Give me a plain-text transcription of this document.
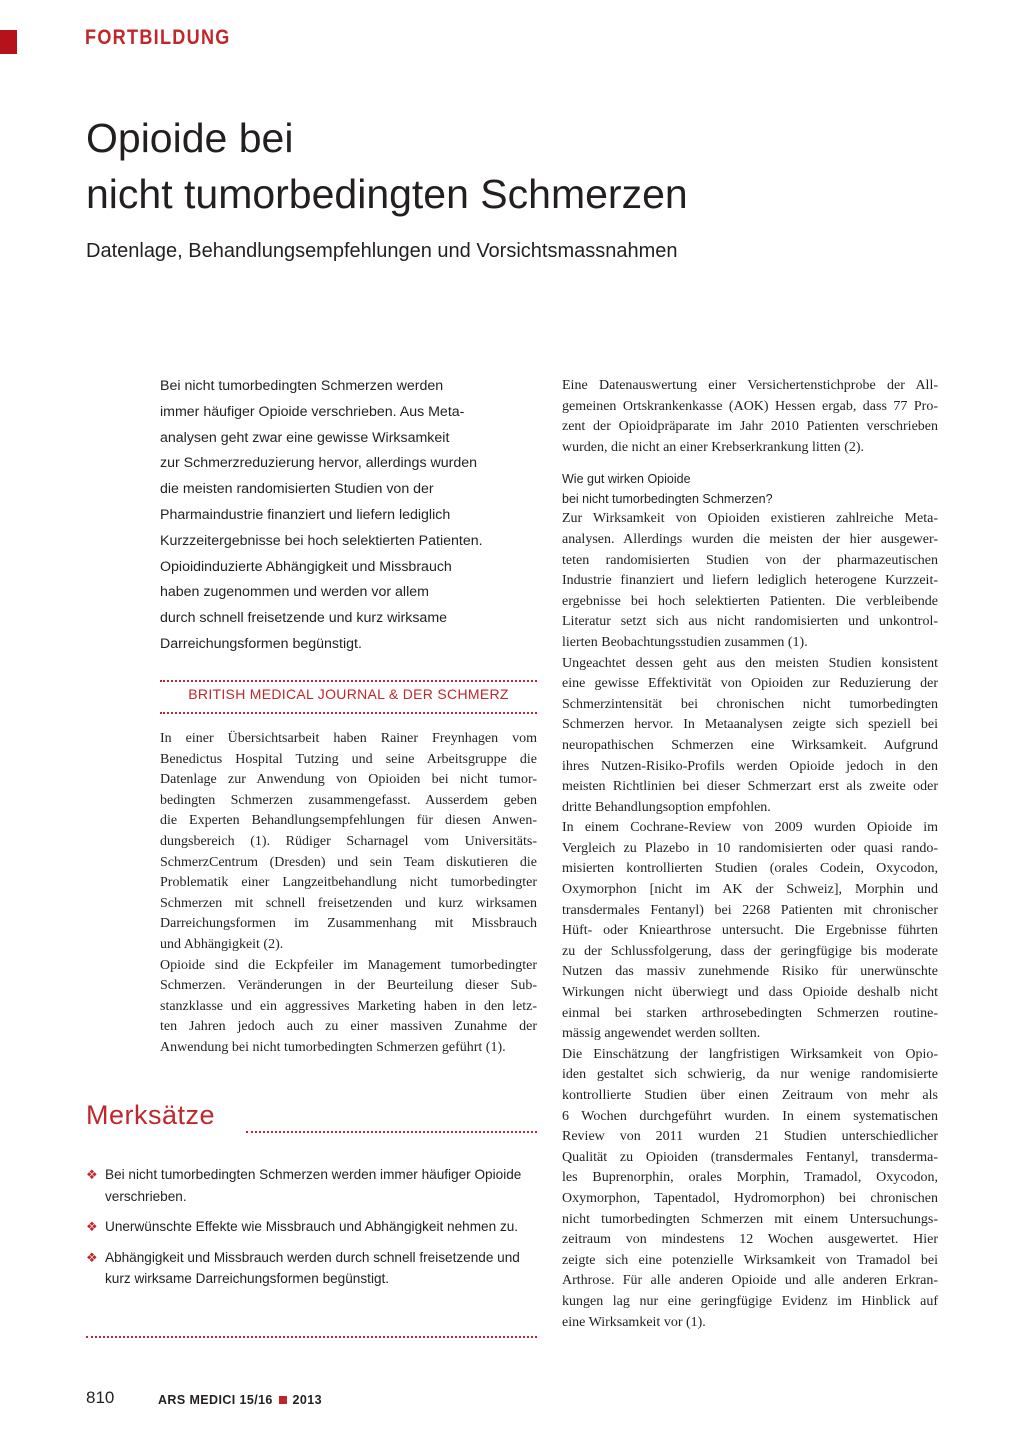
FORTBILDUNG
Opioide bei
nicht tumorbedingten Schmerzen
Datenlage, Behandlungsempfehlungen und Vorsichtsmassnahmen
Bei nicht tumorbedingten Schmerzen werden
immer häufiger Opioide verschrieben. Aus Meta-
analysen geht zwar eine gewisse Wirksamkeit
zur Schmerzreduzierung hervor, allerdings wurden
die meisten randomisierten Studien von der
Pharmaindustrie finanziert und liefern lediglich
Kurzzeitergebnisse bei hoch selektierten Patienten.
Opioidinduzierte Abhängigkeit und Missbrauch
haben zugenommen und werden vor allem
durch schnell freisetzende und kurz wirksame
Darreichungsformen begünstigt.
BRITISH MEDICAL JOURNAL & DER SCHMERZ
In einer Übersichtsarbeit haben Rainer Freynhagen vom
Benedictus Hospital Tutzing und seine Arbeitsgruppe die
Datenlage zur Anwendung von Opioiden bei nicht tumor-
bedingten Schmerzen zusammengefasst. Ausserdem geben
die Experten Behandlungsempfehlungen für diesen Anwen-
dungsbereich (1). Rüdiger Scharnagel vom Universitäts-
SchmerzCentrum (Dresden) und sein Team diskutieren die
Problematik einer Langzeitbehandlung nicht tumorbedingter
Schmerzen mit schnell freisetzenden und kurz wirksamen
Darreichungsformen im Zusammenhang mit Missbrauch
und Abhängigkeit (2).
Opioide sind die Eckpfeiler im Management tumorbedingter
Schmerzen. Veränderungen in der Beurteilung dieser Sub-
stanzklasse und ein aggressives Marketing haben in den letz-
ten Jahren jedoch auch zu einer massiven Zunahme der
Anwendung bei nicht tumorbedingten Schmerzen geführt (1).
Merksätze
❖ Bei nicht tumorbedingten Schmerzen werden immer häufiger Opioide verschrieben.
❖ Unerwünschte Effekte wie Missbrauch und Abhängigkeit nehmen zu.
❖ Abhängigkeit und Missbrauch werden durch schnell freisetzende und kurz wirksame Darreichungsformen begünstigt.
Eine Datenauswertung einer Versichertenstichprobe der All-
gemeinen Ortskrankenkasse (AOK) Hessen ergab, dass 77 Pro-
zent der Opioidpräparate im Jahr 2010 Patienten verschrieben
wurden, die nicht an einer Krebserkrankung litten (2).
Wie gut wirken Opioide
bei nicht tumorbedingten Schmerzen?
Zur Wirksamkeit von Opioiden existieren zahlreiche Meta-
analysen. Allerdings wurden die meisten der hier ausgewer-
teten randomisierten Studien von der pharmazeutischen
Industrie finanziert und liefern lediglich heterogene Kurzzeit-
ergebnisse bei hoch selektierten Patienten. Die verbleibende
Literatur setzt sich aus nicht randomisierten und unkontrol-
lierten Beobachtungsstudien zusammen (1).
Ungeachtet dessen geht aus den meisten Studien konsistent
eine gewisse Effektivität von Opioiden zur Reduzierung der
Schmerzintensität bei chronischen nicht tumorbedingten
Schmerzen hervor. In Metaanalysen zeigte sich speziell bei
neuropathischen Schmerzen eine Wirksamkeit. Aufgrund
ihres Nutzen-Risiko-Profils werden Opioide jedoch in den
meisten Richtlinien bei dieser Schmerzart erst als zweite oder
dritte Behandlungsoption empfohlen.
In einem Cochrane-Review von 2009 wurden Opioide im
Vergleich zu Plazebo in 10 randomisierten oder quasi rando-
misierten kontrollierten Studien (orales Codein, Oxycodon,
Oxymorphon [nicht im AK der Schweiz], Morphin und
transdermales Fentanyl) bei 2268 Patienten mit chronischer
Hüft- oder Kniearthrose untersucht. Die Ergebnisse führten
zu der Schlussfolgerung, dass der geringfügige bis moderate
Nutzen das massiv zunehmende Risiko für unerwünschte
Wirkungen nicht überwiegt und dass Opioide deshalb nicht
einmal bei starken arthrosebedingten Schmerzen routine-
mässig angewendet werden sollten.
Die Einschätzung der langfristigen Wirksamkeit von Opio-
iden gestaltet sich schwierig, da nur wenige randomisierte
kontrollierte Studien über einen Zeitraum von mehr als
6 Wochen durchgeführt wurden. In einem systematischen
Review von 2011 wurden 21 Studien unterschiedlicher
Qualität zu Opioiden (transdermales Fentanyl, transderma-
les Buprenorphin, orales Morphin, Tramadol, Oxycodon,
Oxymorphon, Tapentadol, Hydromorphon) bei chronischen
nicht tumorbedingten Schmerzen mit einem Untersuchungs-
zeitraum von mindestens 12 Wochen ausgewertet. Hier
zeigte sich eine potenzielle Wirksamkeit von Tramadol bei
Arthrose. Für alle anderen Opioide und alle anderen Erkran-
kungen lag nur eine geringfügige Evidenz im Hinblick auf
eine Wirksamkeit vor (1).
810	ARS MEDICI 15/16 2013
